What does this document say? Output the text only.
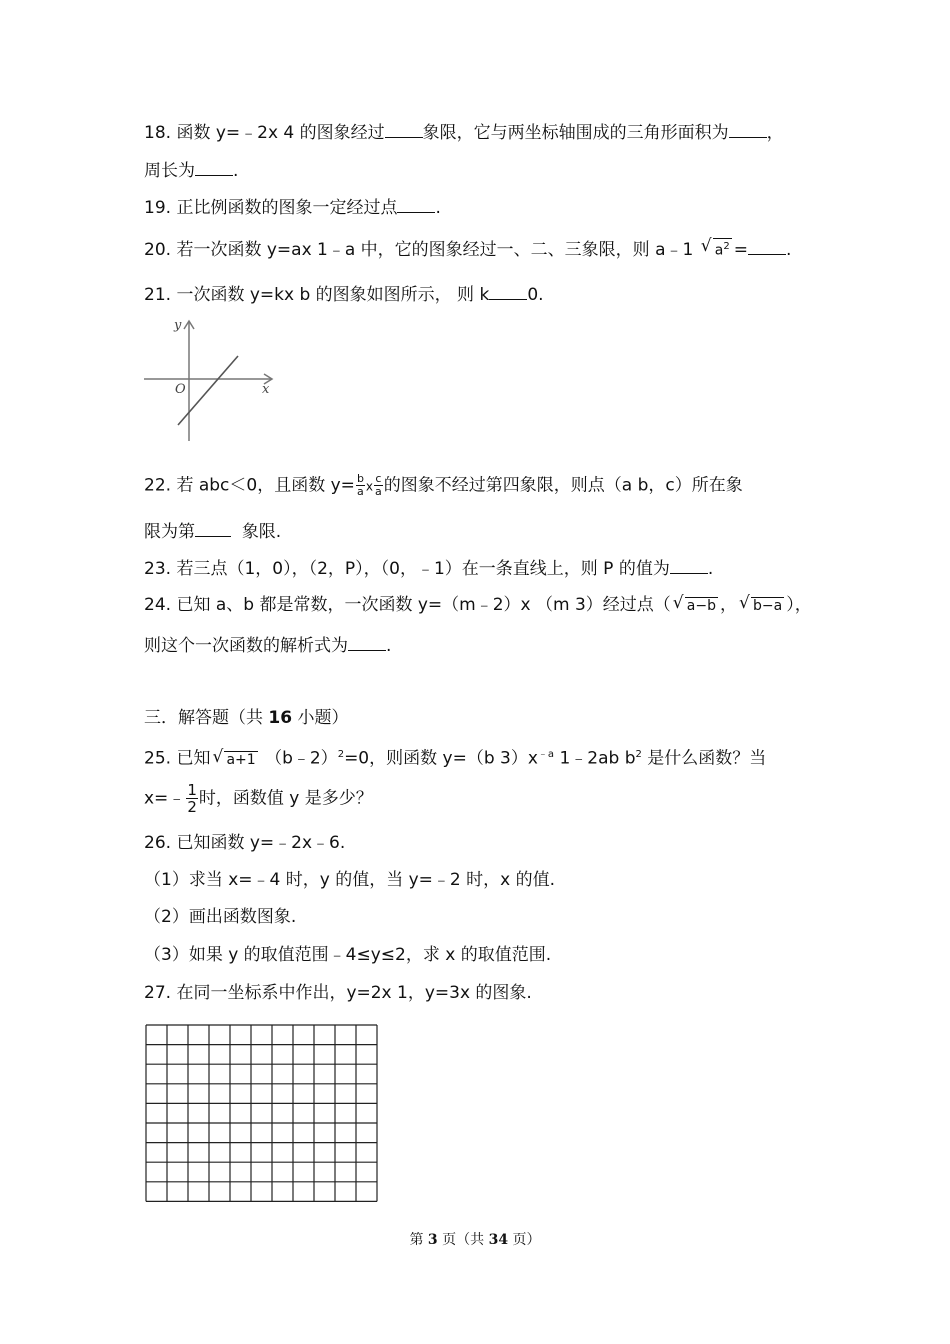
18. 函数 y=﹣2x 4 的图象经过 象限，它与两坐标轴围成的三角形面积为 ，
周长为 .
19. 正比例函数的图象一定经过点 .
20. 若一次函数 y=ax 1﹣a 中，它的图象经过一、二、三象限，则 a﹣1 √ $a^2$ = .
21. 一次函数 y=kx b 的图象如图所示， 则 k 0.
y
x
O
22. 若 abc＜0，且函数 $y= \frac{b}{a}$ x $\frac{c}{a}$ 的图象不经过第四象限，则点（a b，c）所在象
限为第	象限.
23. 若三点（1，0），（2，P），（0，﹣1）在一条直线上，则 P 的值为 .
24. 已知 a、b 都是常数，一次函数 y=（m﹣2）x （m 3）经过点（ √ a−b ， √ b−a ），
则这个一次函数的解析式为 .
三．解答题（共 16 小题）
25. 已知 √ a+1 （b﹣2）$^2$=0，则函数 y=（b $3)x^{﹣a}$ 1﹣2ab $b^2$ 是什么函数？当
x=﹣ $\frac{1}{2}$ 时，函数值 y 是多少？
26. 已知函数 y=﹣2x﹣6.
（1）求当 x=﹣4 时，y 的值，当 y=﹣2 时，x 的值.
（2）画出函数图象.
（3）如果 y 的取值范围﹣4≤y≤2，求 x 的取值范围.
27. 在同一坐标系中作出，y=2x 1，y=3x 的图象.
第 3 页（共 34 页）
